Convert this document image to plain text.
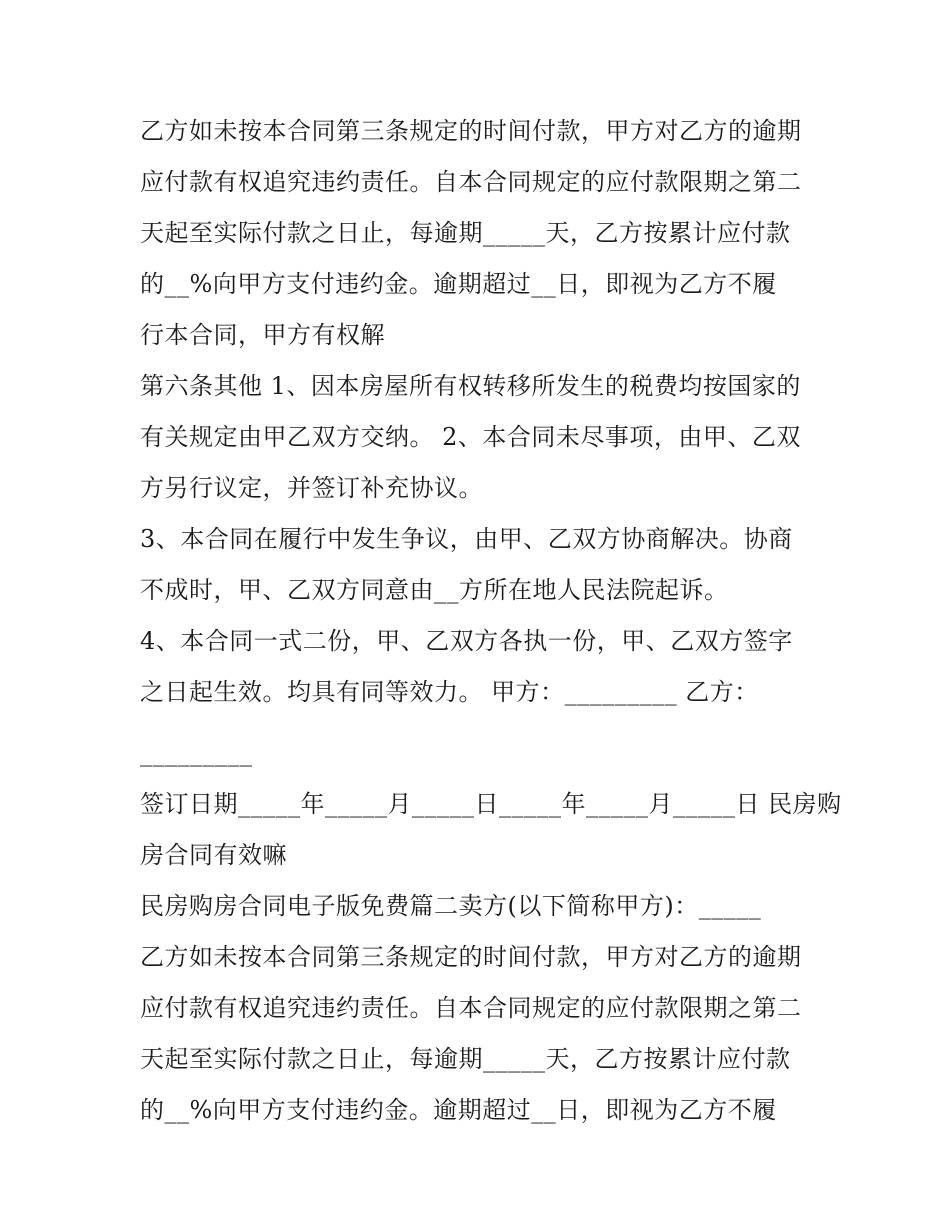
乙方如未按本合同第三条规定的时间付款，甲方对乙方的逾期
应付款有权追究违约责任。自本合同规定的应付款限期之第二
天起至实际付款之日止，每逾期_____天，乙方按累计应付款
的__%向甲方支付违约金。逾期超过__日，即视为乙方不履
行本合同，甲方有权解
第六条其他 1、因本房屋所有权转移所发生的税费均按国家的
有关规定由甲乙双方交纳。 2、本合同未尽事项，由甲、乙双
方另行议定，并签订补充协议。
3、本合同在履行中发生争议，由甲、乙双方协商解决。协商
不成时，甲、乙双方同意由__方所在地人民法院起诉。
4、本合同一式二份，甲、乙双方各执一份，甲、乙双方签字
之日起生效。均具有同等效力。 甲方：_________ 乙方：
_________
签订日期_____年_____月_____日_____年_____月_____日 民房购
房合同有效嘛
民房购房合同电子版免费篇二卖方(以下简称甲方)：_____
乙方如未按本合同第三条规定的时间付款，甲方对乙方的逾期
应付款有权追究违约责任。自本合同规定的应付款限期之第二
天起至实际付款之日止，每逾期_____天，乙方按累计应付款
的__%向甲方支付违约金。逾期超过__日，即视为乙方不履
